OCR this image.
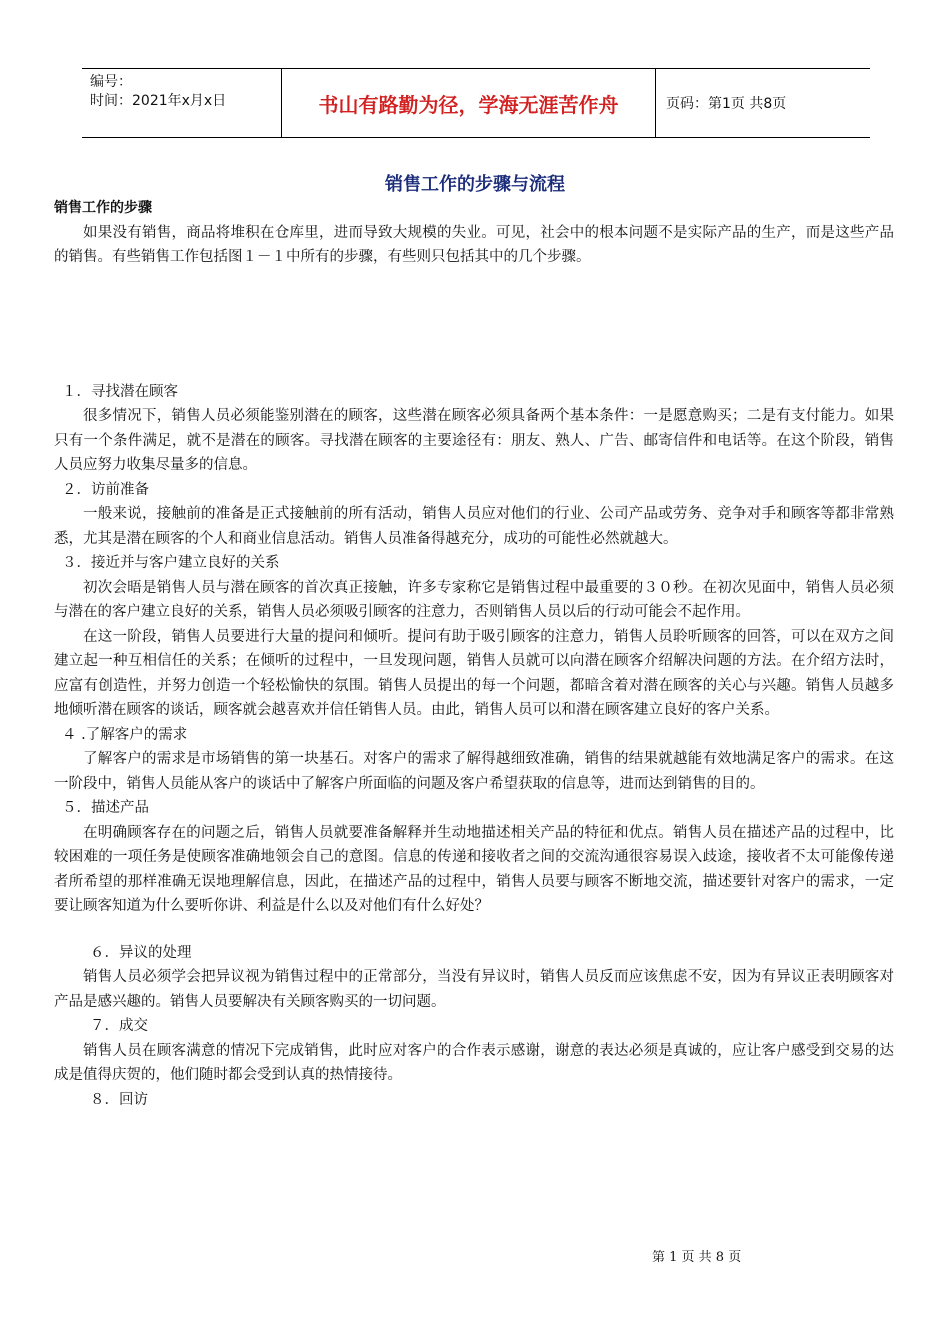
编号：
时间：2021年x月x日	书山有路勤为径，学海无涯苦作舟	页码：第1页 共8页
销售工作的步骤与流程
销售工作的步骤

如果没有销售，商品将堆积在仓库里，进而导致大规模的失业。可见，社会中的根本问题不是实际产品的生产，而是这些产品的销售。有些销售工作包括图１－１中所有的步骤，有些则只包括其中的几个步骤。

１．寻找潜在顾客

很多情况下，销售人员必须能鉴别潜在的顾客，这些潜在顾客必须具备两个基本条件：一是愿意购买；二是有支付能力。如果只有一个条件满足，就不是潜在的顾客。寻找潜在顾客的主要途径有：朋友、熟人、广告、邮寄信件和电话等。在这个阶段，销售人员应努力收集尽量多的信息。

２．访前准备

一般来说，接触前的准备是正式接触前的所有活动，销售人员应对他们的行业、公司产品或劳务、竞争对手和顾客等都非常熟悉，尤其是潜在顾客的个人和商业信息活动。销售人员准备得越充分，成功的可能性必然就越大。

３．接近并与客户建立良好的关系

初次会晤是销售人员与潜在顾客的首次真正接触，许多专家称它是销售过程中最重要的３０秒。在初次见面中，销售人员必须与潜在的客户建立良好的关系，销售人员必须吸引顾客的注意力，否则销售人员以后的行动可能会不起作用。

在这一阶段，销售人员要进行大量的提问和倾听。提问有助于吸引顾客的注意力，销售人员聆听顾客的回答，可以在双方之间建立起一种互相信任的关系；在倾听的过程中，一旦发现问题，销售人员就可以向潜在顾客介绍解决问题的方法。在介绍方法时，应富有创造性，并努力创造一个轻松愉快的氛围。销售人员提出的每一个问题，都暗含着对潜在顾客的关心与兴趣。销售人员越多地倾听潜在顾客的谈话，顾客就会越喜欢并信任销售人员。由此，销售人员可以和潜在顾客建立良好的客户关系。

４ .了解客户的需求

了解客户的需求是市场销售的第一块基石。对客户的需求了解得越细致准确，销售的结果就越能有效地满足客户的需求。在这一阶段中，销售人员能从客户的谈话中了解客户所面临的问题及客户希望获取的信息等，进而达到销售的目的。

５．描述产品

在明确顾客存在的问题之后，销售人员就要准备解释并生动地描述相关产品的特征和优点。销售人员在描述产品的过程中，比较困难的一项任务是使顾客准确地领会自己的意图。信息的传递和接收者之间的交流沟通很容易误入歧途，接收者不太可能像传递者所希望的那样准确无误地理解信息，因此，在描述产品的过程中，销售人员要与顾客不断地交流，描述要针对客户的需求，一定要让顾客知道为什么要听你讲、利益是什么以及对他们有什么好处？

６．异议的处理

销售人员必须学会把异议视为销售过程中的正常部分，当没有异议时，销售人员反而应该焦虑不安，因为有异议正表明顾客对产品是感兴趣的。销售人员要解决有关顾客购买的一切问题。

７．成交

销售人员在顾客满意的情况下完成销售，此时应对客户的合作表示感谢，谢意的表达必须是真诚的，应让客户感受到交易的达成是值得庆贺的，他们随时都会受到认真的热情接待。

８．回访
第 1 页 共 8 页
